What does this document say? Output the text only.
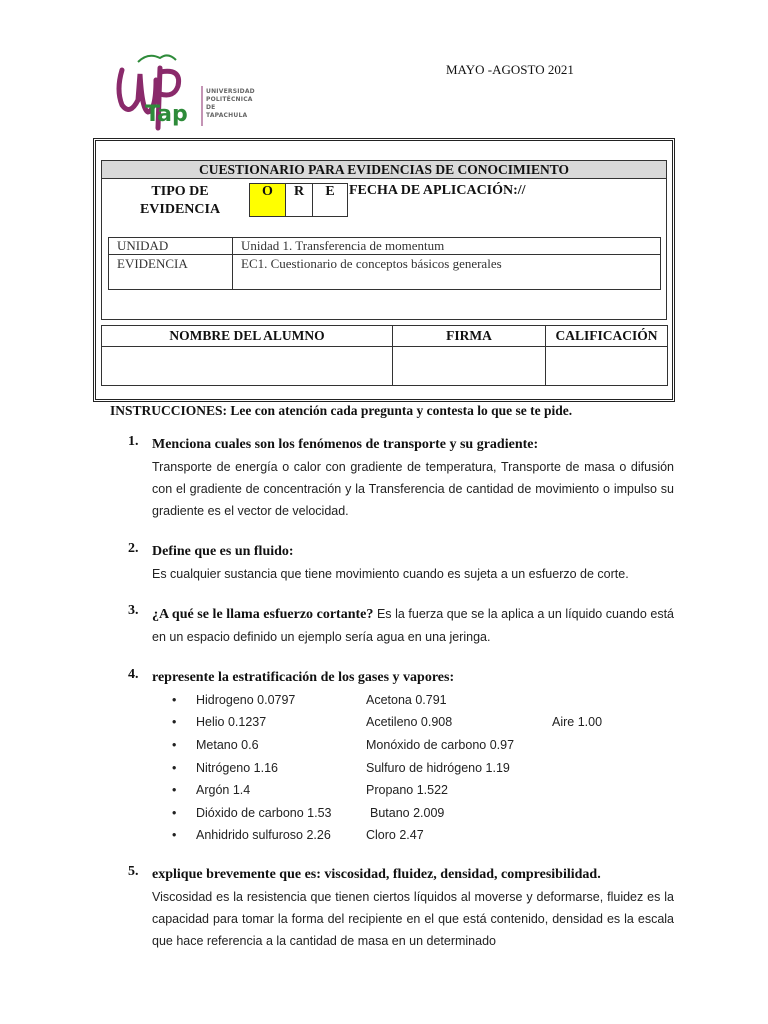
Tap
UNIVERSIDAD POLITÉCNICA DE TAPACHULA
MAYO -AGOSTO 2021
CUESTIONARIO PARA EVIDENCIAS DE CONOCIMIENTO
TIPO DE EVIDENCIA
O	R	E	FECHA DE APLICACIÓN://
UNIDAD	Unidad 1. Transferencia de momentum
EVIDENCIA	EC1. Cuestionario de conceptos básicos generales
NOMBRE DEL ALUMNO	FIRMA	CALIFICACIÓN

INSTRUCCIONES: Lee con atención cada pregunta y contesta lo que se te pide.
1. Menciona cuales son los fenómenos de transporte y su gradiente:
Transporte de energía o calor con gradiente de temperatura, Transporte de masa o difusión con el gradiente de concentración y la Transferencia de cantidad de movimiento o impulso su gradiente es el vector de velocidad.
2. Define que es un fluido:
Es cualquier sustancia que tiene movimiento cuando es sujeta a un esfuerzo de corte.
3. ¿A qué se le llama esfuerzo cortante? Es la fuerza que se la aplica a un líquido cuando está en un espacio definido un ejemplo sería agua en una jeringa.
4. represente la estratificación de los gases y vapores:
• Hidrogeno 0.0797	Acetona 0.791
• Helio 0.1237	Acetileno 0.908	Aire 1.00
• Metano 0.6	Monóxido de carbono 0.97
• Nitrógeno 1.16	Sulfuro de hidrógeno 1.19
• Argón 1.4	Propano 1.522
• Dióxido de carbono 1.53	Butano 2.009
• Anhidrido sulfuroso 2.26	Cloro 2.47
5. explique brevemente que es: viscosidad, fluidez, densidad, compresibilidad.
Viscosidad es la resistencia que tienen ciertos líquidos al moverse y deformarse, fluidez es la capacidad para tomar la forma del recipiente en el que está contenido, densidad es la escala que hace referencia a la cantidad de masa en un determinado
